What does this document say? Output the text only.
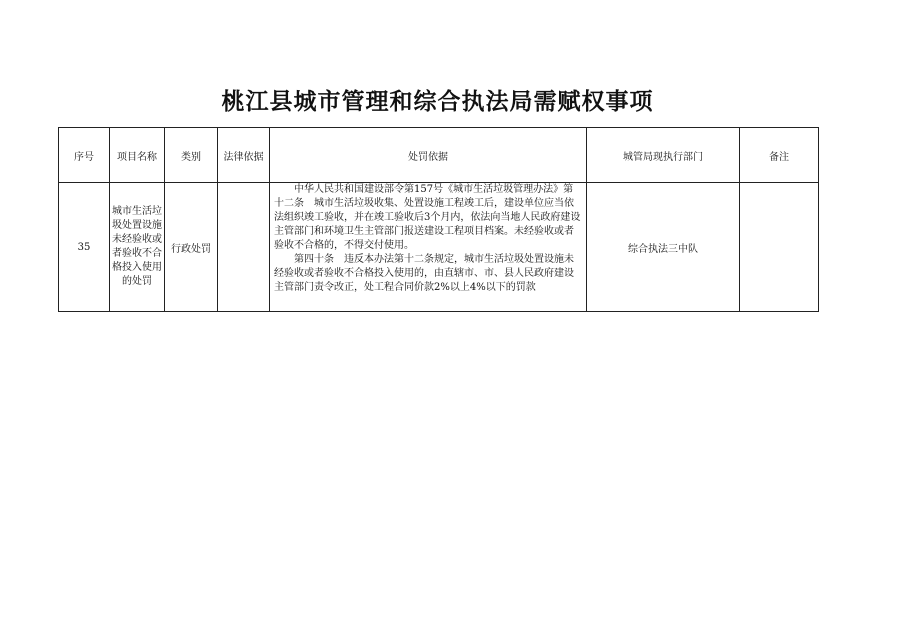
桃江县城市管理和综合执法局需赋权事项
序号	项目名称	类别	法律依据	处罚依据	城管局现执行部门	备注
35	城市生活垃圾处置设施未经验收或者验收不合格投入使用的处罚	行政处罚		中华人民共和国建设部令第157号《城市生活垃圾管理办法》第十二条　城市生活垃圾收集、处置设施工程竣工后，建设单位应当依法组织竣工验收，并在竣工验收后3个月内，依法向当地人民政府建设主管部门和环境卫生主管部门报送建设工程项目档案。未经验收或者验收不合格的，不得交付使用。

第四十条　违反本办法第十二条规定，城市生活垃圾处置设施未经验收或者验收不合格投入使用的，由直辖市、市、县人民政府建设主管部门责令改正，处工程合同价款2%以上4%以下的罚款	综合执法三中队	
